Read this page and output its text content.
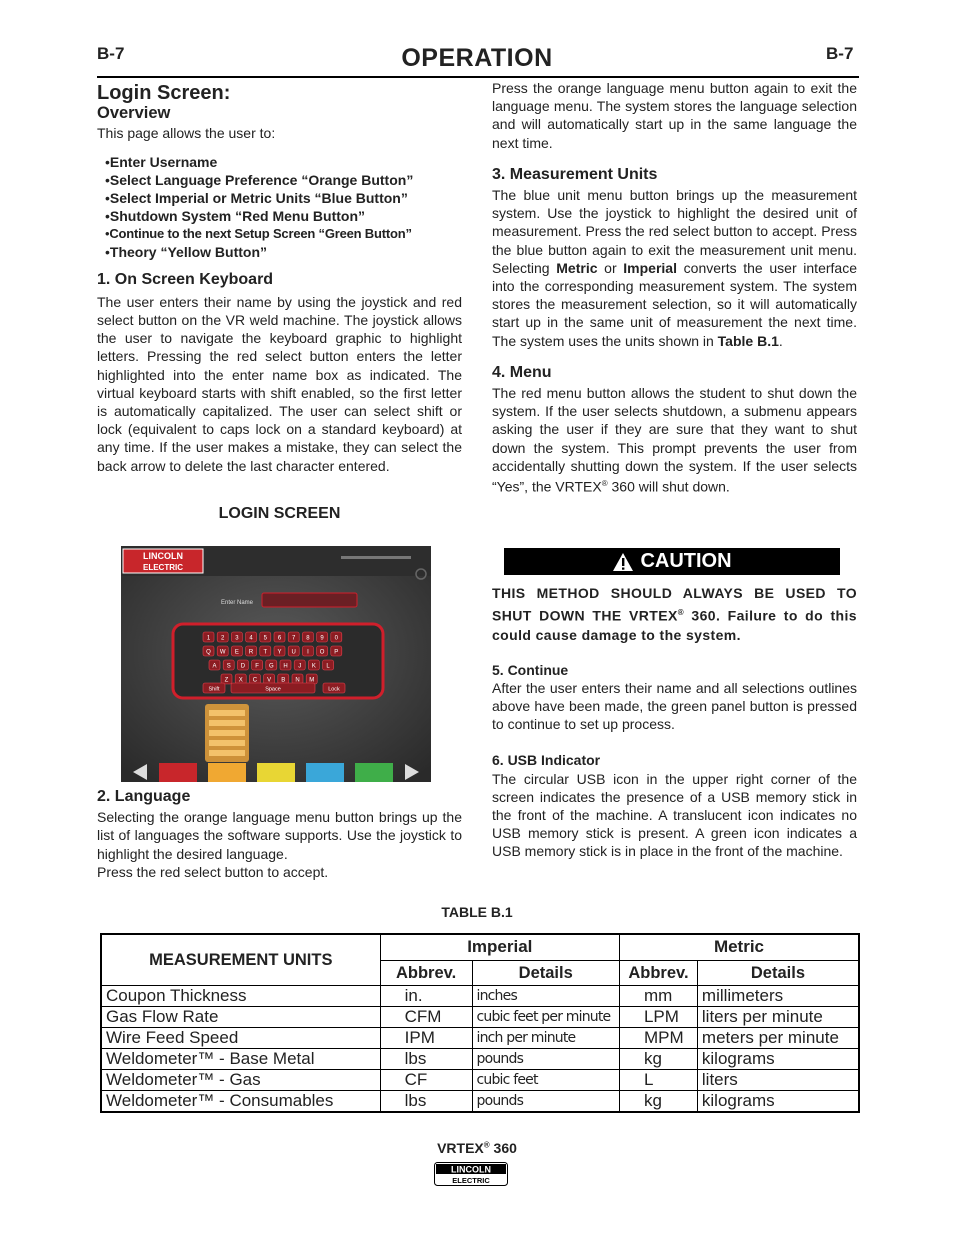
B-7	OPERATION	B-7
Login Screen:
Overview

This page allows the user to:

• Enter Username
• Select Language Preference “Orange Button”
• Select Imperial or Metric Units “Blue Button”
• Shutdown System “Red Menu Button”
• Continue to the next Setup Screen “Green Button”
• Theory “Yellow Button”
1. On Screen Keyboard

The user enters their name by using the joystick and red select button on the VR weld machine. The joystick allows the user to navigate the keyboard graphic to highlight letters. Pressing the red select button enters the letter highlighted into the enter name box as indicated. The virtual keyboard starts with shift enabled, so the first letter is automatically capitalized. The user can select shift or lock (equivalent to caps lock on a standard keyboard) at any time. If the user makes a mistake, they can select the back arrow to delete the last character entered.

LOGIN SCREEN
LINCOLN
ELECTRIC
Enter Name
1 2 3 4 5 6 7 8 9 0
Q W E R T Y U I O P
A S D F G H J K L
Z X C V B N M
Shift	Space	Lock
2. Language

Selecting the orange language menu button brings up the list of languages the software supports. Use the joystick to highlight the desired language.

Press the red select button to accept.

Press the orange language menu button again to exit the language menu. The system stores the language selection and will automatically start up in the same language the next time.

3. Measurement Units

The blue unit menu button brings up the measurement system. Use the joystick to highlight the desired unit of measurement. Press the red select button to accept. Press the blue button again to exit the measurement unit menu. Selecting Metric or Imperial converts the user interface into the corresponding measurement system. The system stores the measurement selection, so it will automatically start up in the same unit of measurement the next time. The system uses the units shown in Table B.1.

4. Menu

The red menu button allows the student to shut down the system. If the user selects shutdown, a submenu appears asking the user if they are sure that they want to shut down the system. This prompt prevents the user from accidentally shutting down the system. If the user selects “Yes”, the VRTEX® 360 will shut down.

CAUTION

THIS METHOD SHOULD ALWAYS BE USED TO SHUT DOWN THE VRTEX® 360. Failure to do this could cause damage to the system.

5. Continue

After the user enters their name and all selections outlines above have been made, the green panel button is pressed to continue to set up process.

6. USB Indicator

The circular USB icon in the upper right corner of the screen indicates the presence of a USB memory stick in the front of the machine. A translucent icon indicates no USB memory stick is present. A green icon indicates a USB memory stick is in place in the front of the machine.

TABLE B.1
MEASUREMENT UNITS	Imperial		Metric	
	Abbrev.	Details	Abbrev.	Details
Coupon Thickness	in.	inches	mm	millimeters
Gas Flow Rate	CFM	cubic feet per minute	LPM	liters per minute
Wire Feed Speed	IPM	inch per minute	MPM	meters per minute
Weldometer™ - Base Metal	lbs	pounds	kg	kilograms
Weldometer™ - Gas	CF	cubic feet	L	liters
Weldometer™ - Consumables	lbs	pounds	kg	kilograms
VRTEX® 360
LINCOLN
ELECTRIC
